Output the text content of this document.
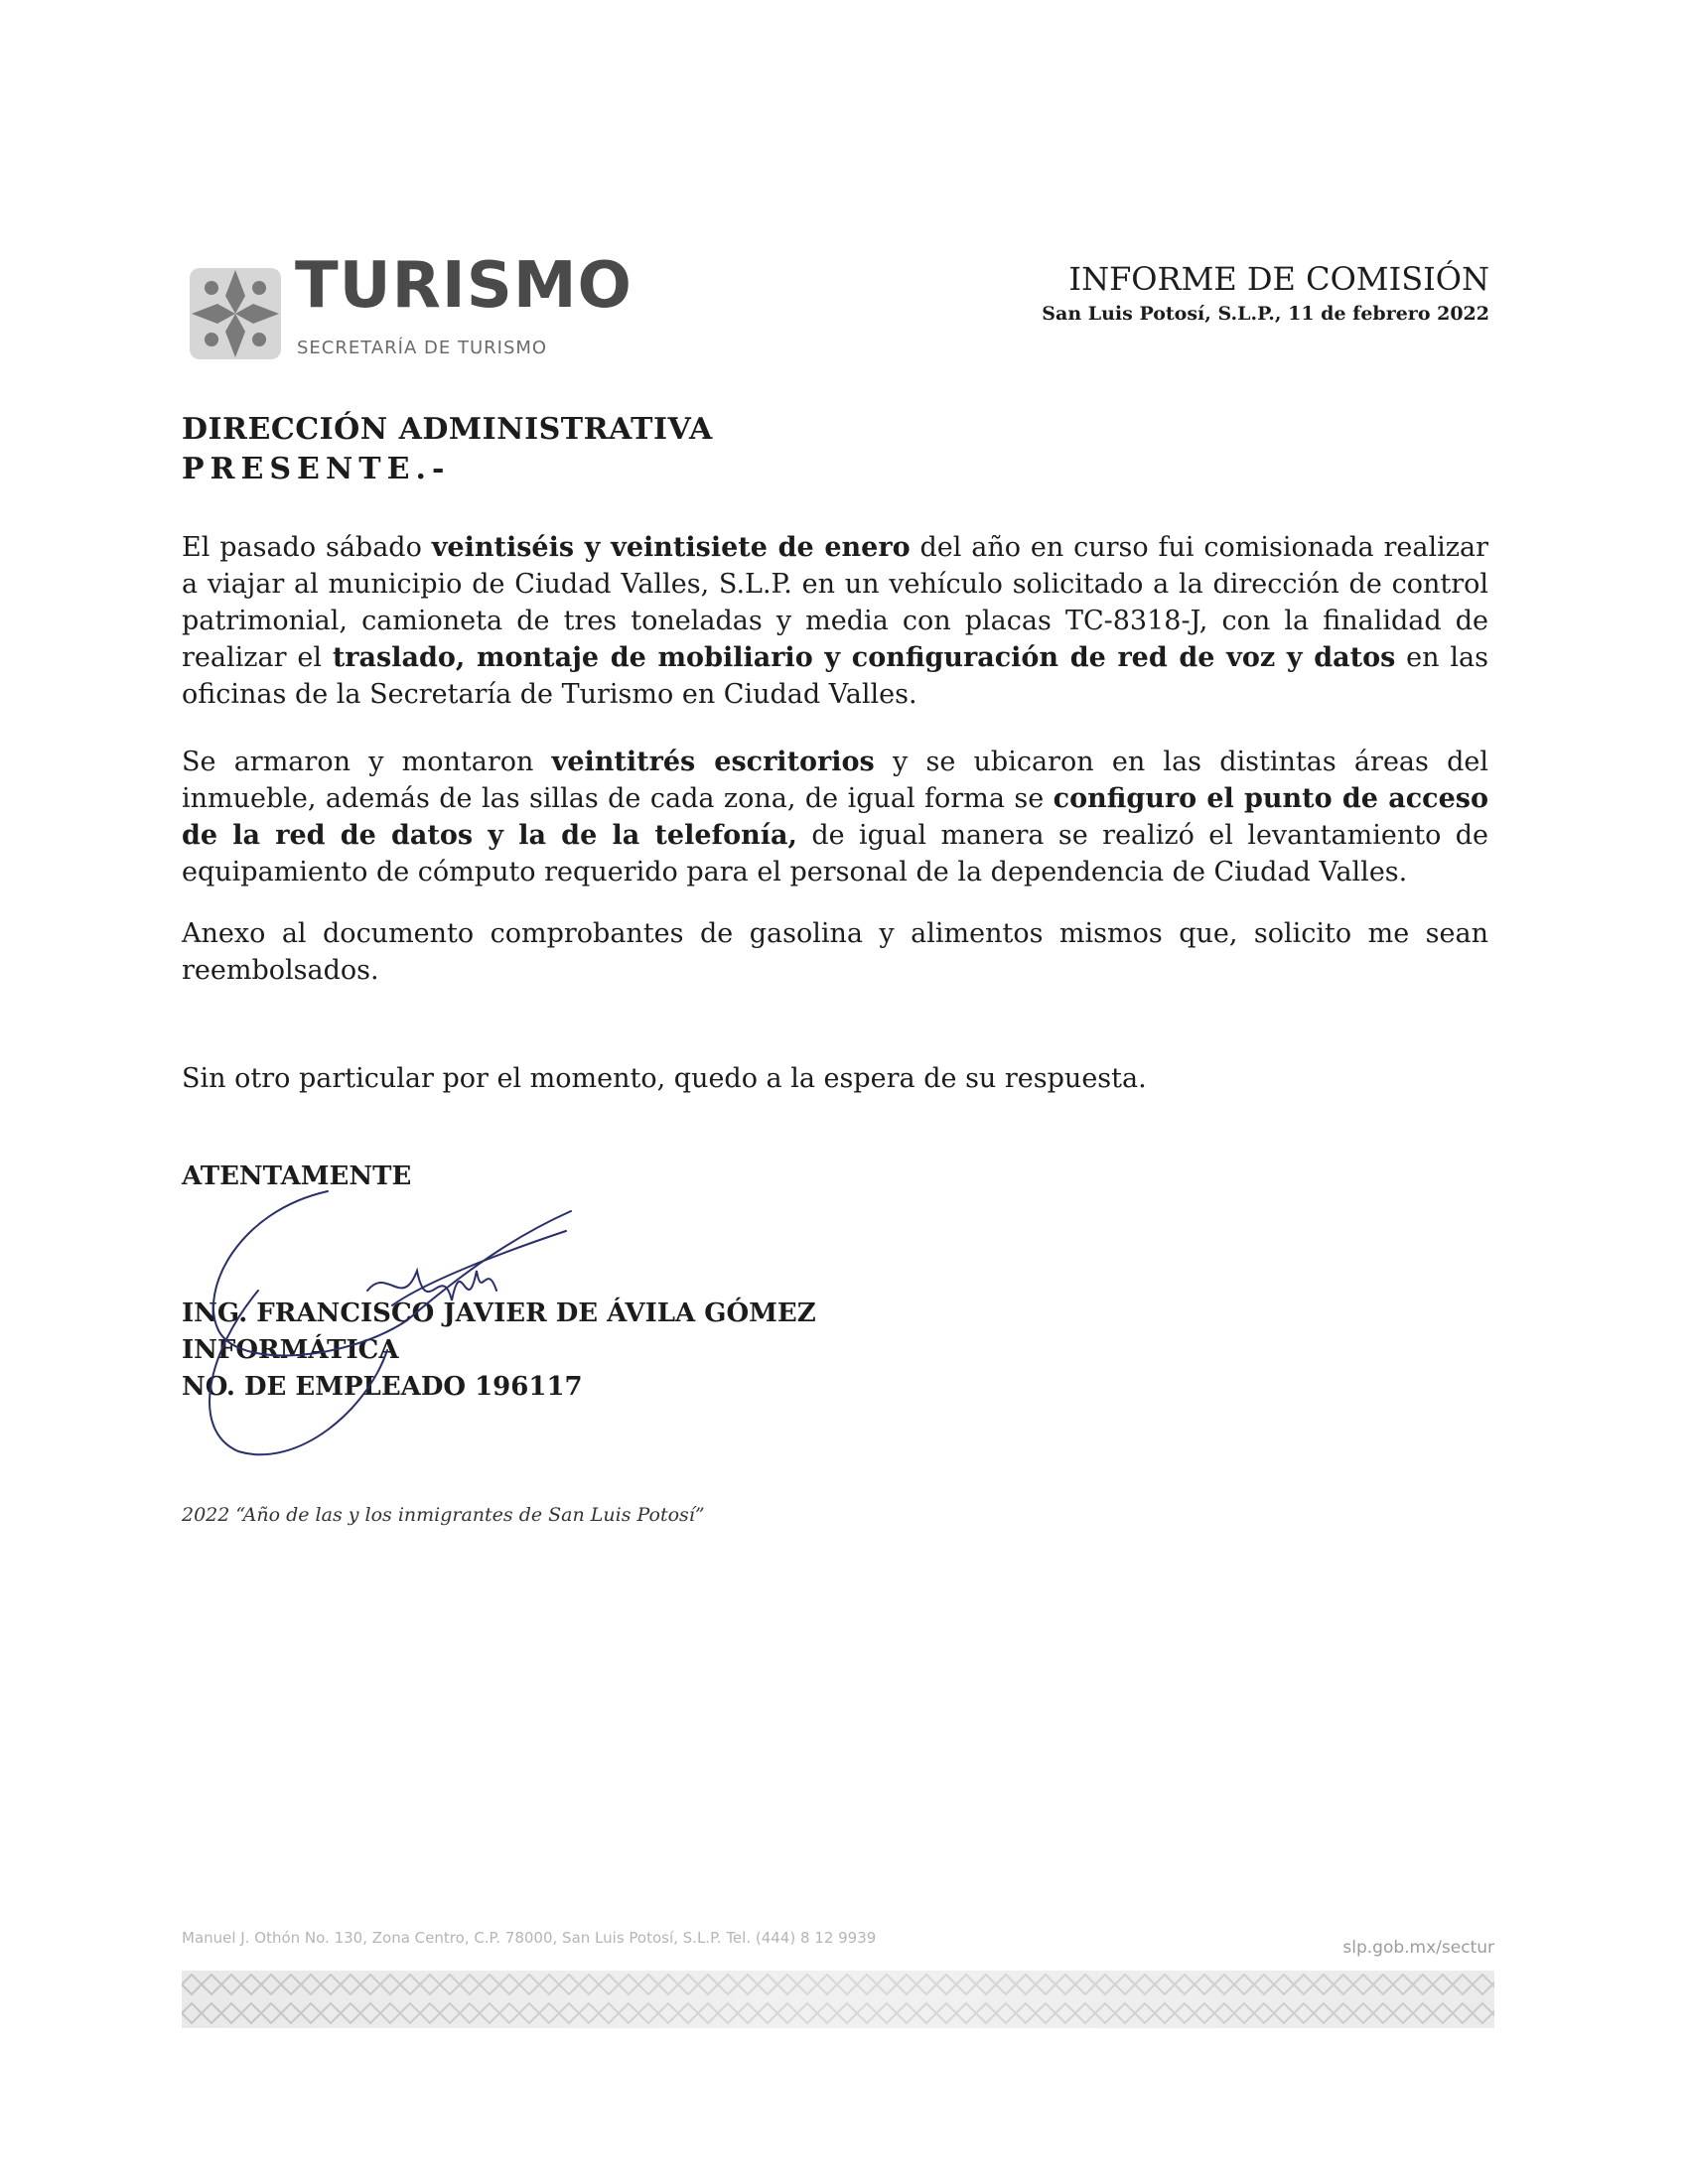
TURISMO
SECRETARÍA DE TURISMO
INFORME DE COMISIÓN
San Luis Potosí, S.L.P., 11 de febrero 2022
DIRECCIÓN ADMINISTRATIVA
PRESENTE.-
El pasado sábado veintiséis y veintisiete de enero del año en curso fui comisionada realizar a viajar al municipio de Ciudad Valles, S.L.P. en un vehículo solicitado a la dirección de control patrimonial, camioneta de tres toneladas y media con placas TC-8318-J, con la finalidad de realizar el traslado, montaje de mobiliario y configuración de red de voz y datos en las oficinas de la Secretaría de Turismo en Ciudad Valles.
Se armaron y montaron veintitrés escritorios y se ubicaron en las distintas áreas del inmueble, además de las sillas de cada zona, de igual forma se configuro el punto de acceso de la red de datos y la de la telefonía, de igual manera se realizó el levantamiento de equipamiento de cómputo requerido para el personal de la dependencia de Ciudad Valles.
Anexo al documento comprobantes de gasolina y alimentos mismos que, solicito me sean reembolsados.
Sin otro particular por el momento, quedo a la espera de su respuesta.
ATENTAMENTE
ING. FRANCISCO JAVIER DE ÁVILA GÓMEZ
INFORMÁTICA
NO. DE EMPLEADO 196117
2022 “Año de las y los inmigrantes de San Luis Potosí”
Manuel J. Othón No. 130, Zona Centro, C.P. 78000, San Luis Potosí, S.L.P. Tel. (444) 8 12 9939	slp.gob.mx/sectur
